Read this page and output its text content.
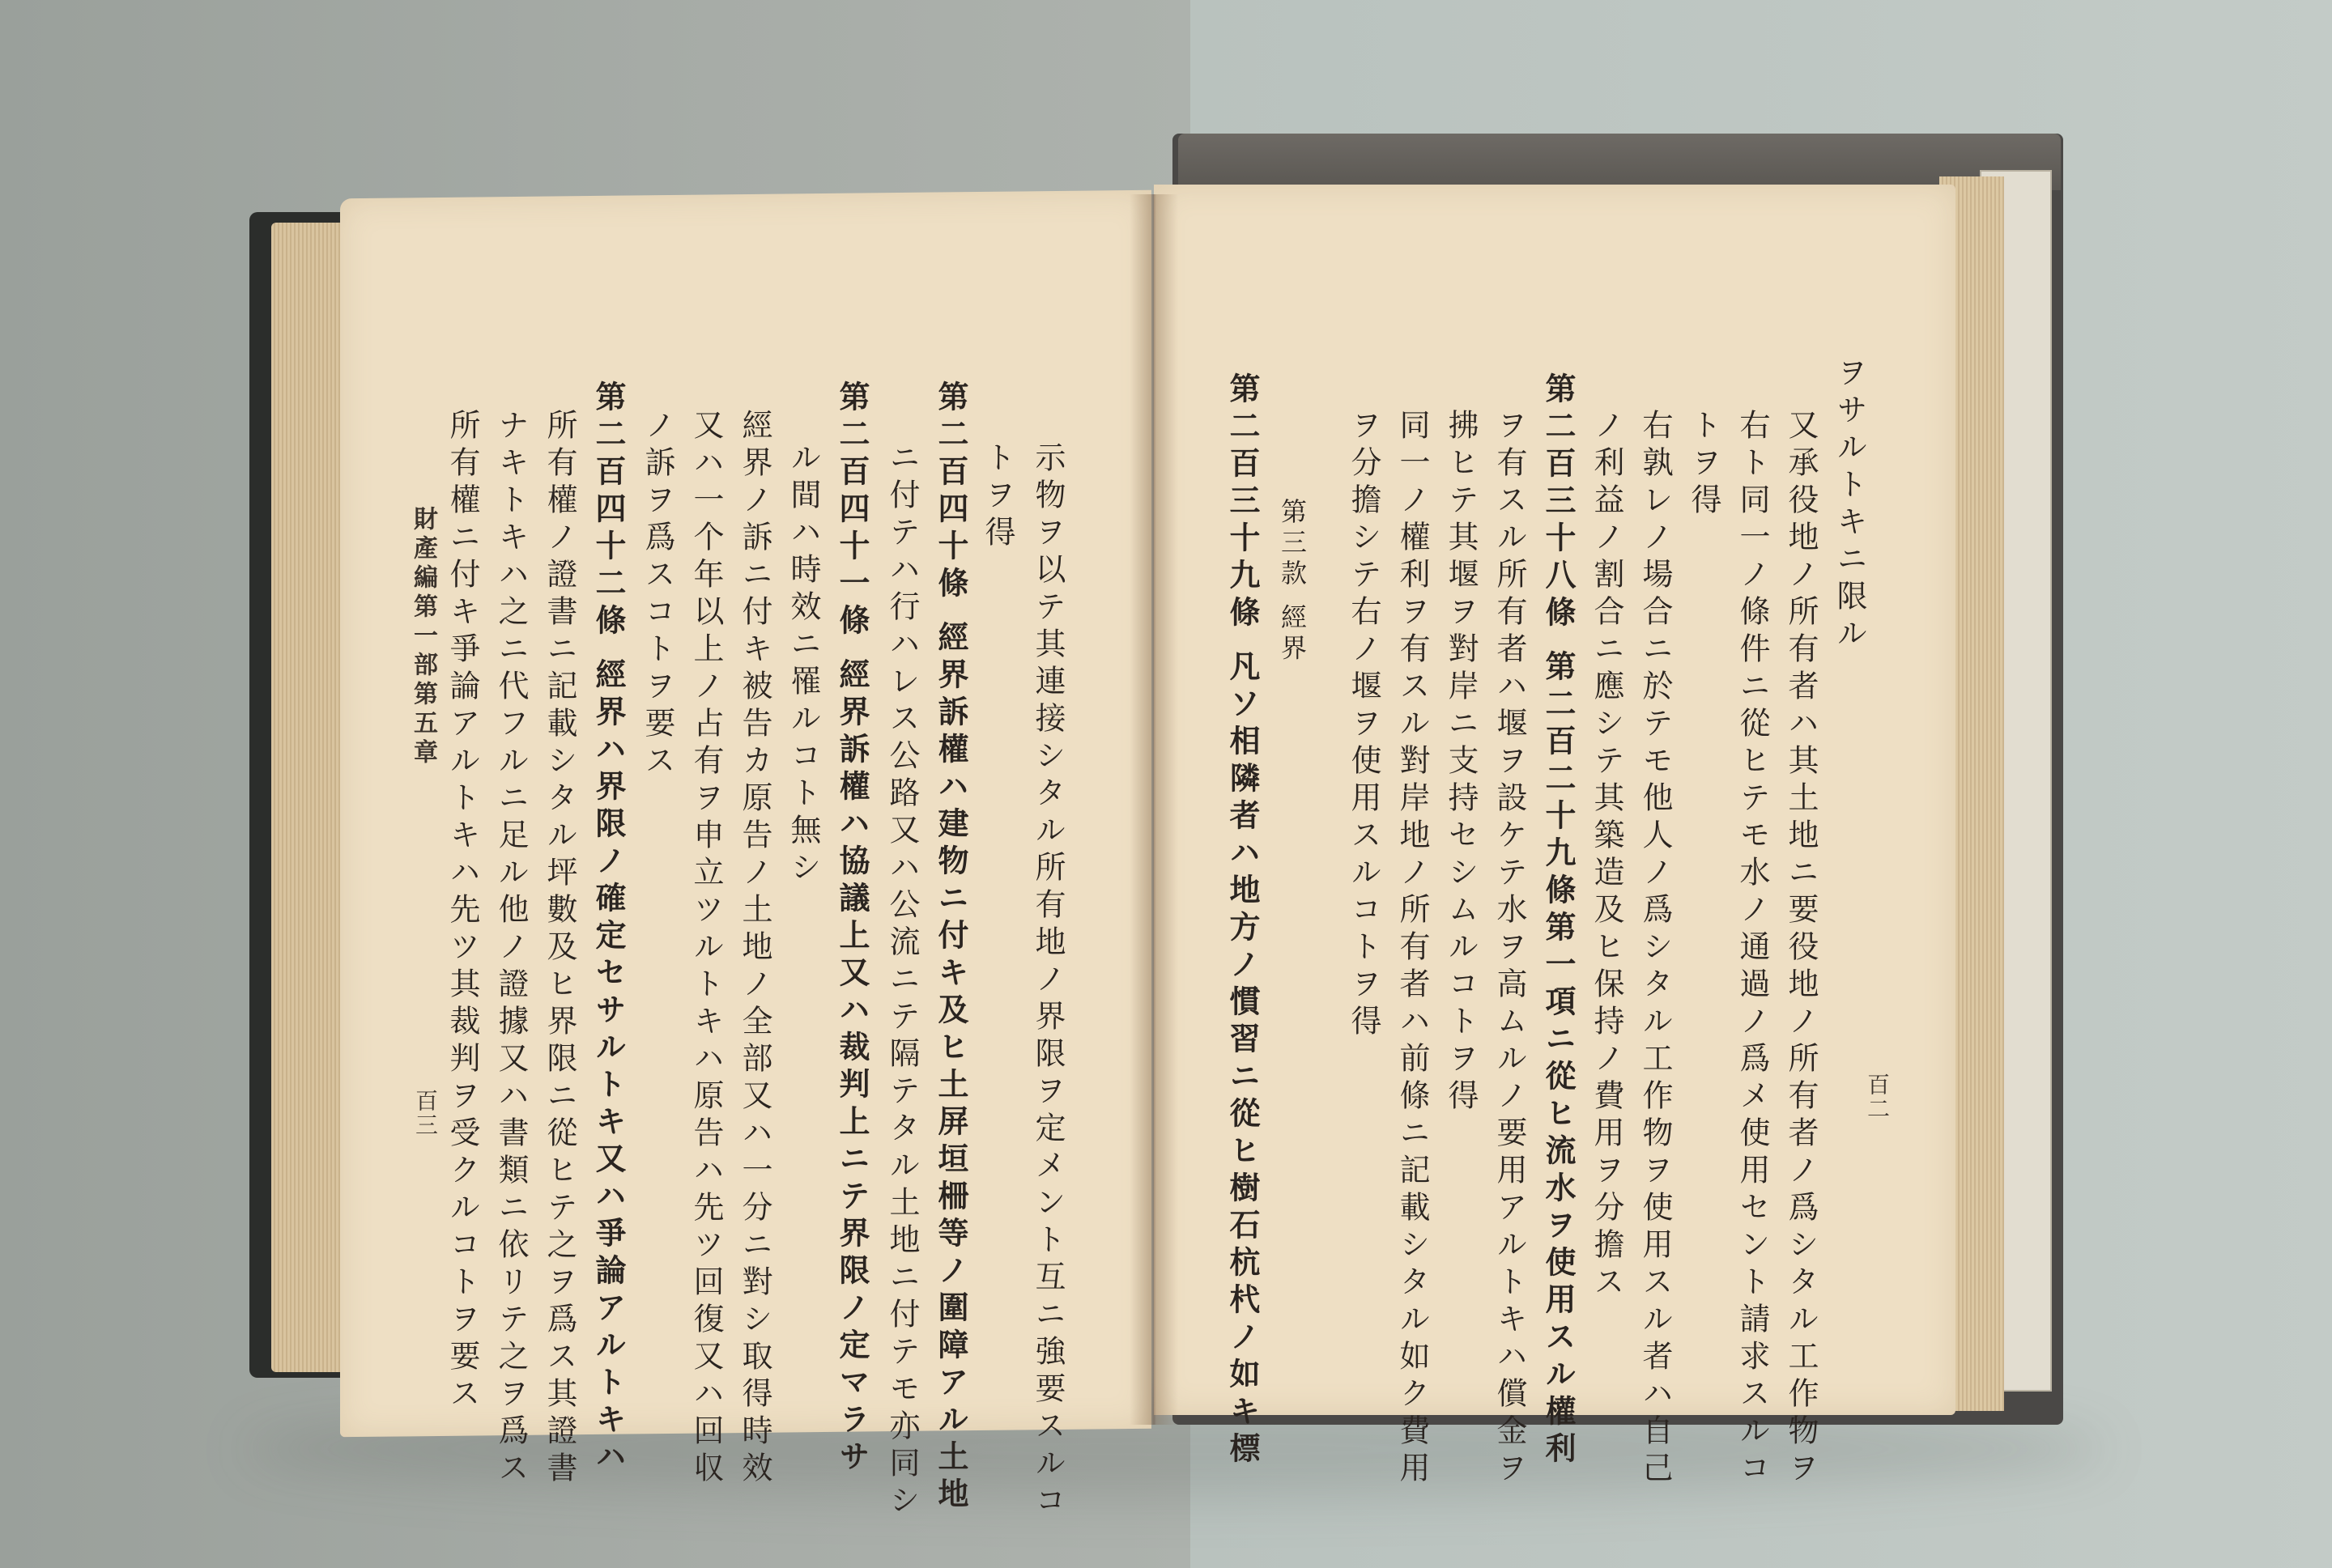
示物ヲ以テ其連接シタル所有地ノ界限ヲ定メント互ニ強要スルコ
トヲ得
第二百四十條 經界訴權ハ建物ニ付キ及ヒ土屏垣柵等ノ圍障アル土地
ニ付テハ行ハレス公路又ハ公流ニテ隔テタル土地ニ付テモ亦同シ
第二百四十一條 經界訴權ハ協議上又ハ裁判上ニテ界限ノ定マラサ
ル間ハ時效ニ罹ルコト無シ
經界ノ訴ニ付キ被告カ原告ノ土地ノ全部又ハ一分ニ對シ取得時效
又ハ一个年以上ノ占有ヲ申立ツルトキハ原告ハ先ツ回復又ハ回収
ノ訴ヲ爲スコトヲ要ス
第二百四十二條 經界ハ界限ノ確定セサルトキ又ハ爭論アルトキハ
所有權ノ證書ニ記載シタル坪數及ヒ界限ニ從ヒテ之ヲ爲ス其證書
ナキトキハ之ニ代フルニ足ル他ノ證據又ハ書類ニ依リテ之ヲ爲ス
所有權ニ付キ爭論アルトキハ先ツ其裁判ヲ受クルコトヲ要ス
財產編第一部第五章
百三	百二
ヲサルトキニ限ル
又承役地ノ所有者ハ其土地ニ要役地ノ所有者ノ爲シタル工作物ヲ
右ト同一ノ條件ニ從ヒテモ水ノ通過ノ爲メ使用セント請求スルコ
トヲ得
右孰レノ場合ニ於テモ他人ノ爲シタル工作物ヲ使用スル者ハ自己
ノ利益ノ割合ニ應シテ其築造及ヒ保持ノ費用ヲ分擔ス
第二百三十八條 第二百二十九條第一項ニ從ヒ流水ヲ使用スル權利
ヲ有スル所有者ハ堰ヲ設ケテ水ヲ高ムルノ要用アルトキハ償金ヲ
拂ヒテ其堰ヲ對岸ニ支持セシムルコトヲ得
同一ノ權利ヲ有スル對岸地ノ所有者ハ前條ニ記載シタル如ク費用
ヲ分擔シテ右ノ堰ヲ使用スルコトヲ得
第三款 經界
第二百三十九條 凡ソ相隣者ハ地方ノ慣習ニ從ヒ樹石杭杙ノ如キ標
